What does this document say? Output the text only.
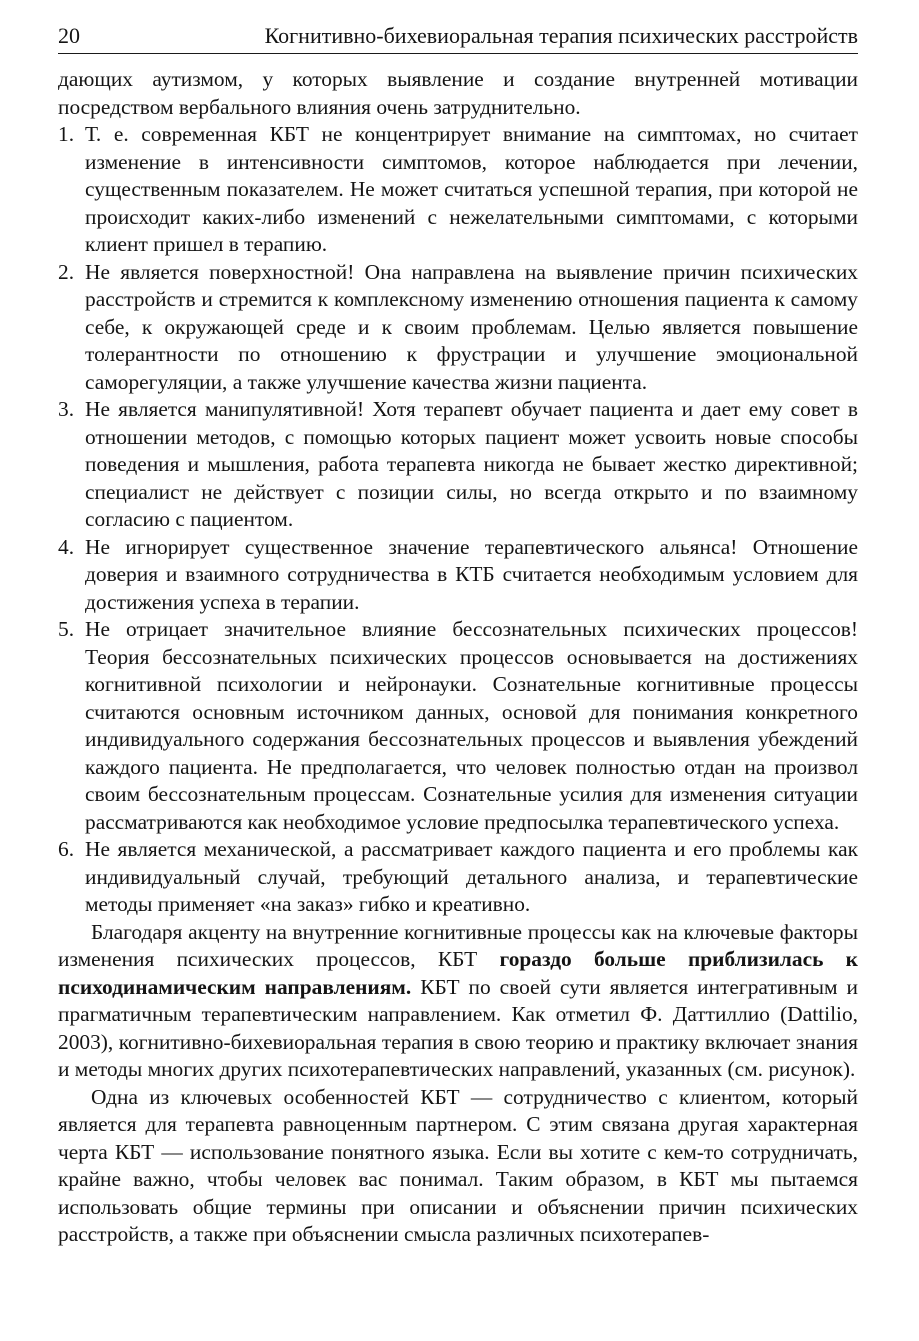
20	Когнитивно-бихевиоральная терапия психических расстройств

дающих аутизмом, у которых выявление и создание внутренней мотивации посредством вербального влияния очень затруднительно.

1. Т. е. современная КБТ не концентрирует внимание на симптомах, но считает изменение в интенсивности симптомов, которое наблюдается при лечении, существенным показателем. Не может считаться успешной терапия, при которой не происходит каких-либо изменений с нежелательными симптомами, с которыми клиент пришел в терапию.
2. Не является поверхностной! Она направлена на выявление причин психических расстройств и стремится к комплексному изменению отношения пациента к самому себе, к окружающей среде и к своим проблемам. Целью является повышение толерантности по отношению к фрустрации и улучшение эмоциональной саморегуляции, а также улучшение качества жизни пациента.
3. Не является манипулятивной! Хотя терапевт обучает пациента и дает ему совет в отношении методов, с помощью которых пациент может усвоить новые способы поведения и мышления, работа терапевта никогда не бывает жестко директивной; специалист не действует с позиции силы, но всегда открыто и по взаимному согласию с пациентом.
4. Не игнорирует существенное значение терапевтического альянса! Отношение доверия и взаимного сотрудничества в КТБ считается необходимым условием для достижения успеха в терапии.
5. Не отрицает значительное влияние бессознательных психических процессов! Теория бессознательных психических процессов основывается на достижениях когнитивной психологии и нейронауки. Сознательные когнитивные процессы считаются основным источником данных, основой для понимания конкретного индивидуального содержания бессознательных процессов и выявления убеждений каждого пациента. Не предполагается, что человек полностью отдан на произвол своим бессознательным процессам. Сознательные усилия для изменения ситуации рассматриваются как необходимое условие предпосылка терапевтического успеха.
6. Не является механической, а рассматривает каждого пациента и его проблемы как индивидуальный случай, требующий детального анализа, и терапевтические методы применяет «на заказ» гибко и креативно.

Благодаря акценту на внутренние когнитивные процессы как на ключевые факторы изменения психических процессов, КБТ гораздо больше приблизилась к психодинамическим направлениям. КБТ по своей сути является интегративным и прагматичным терапевтическим направлением. Как отметил Ф. Даттиллио (Dattilio, 2003), когнитивно-бихевиоральная терапия в свою теорию и практику включает знания и методы многих других психотерапевтических направлений, указанных (см. рисунок).

Одна из ключевых особенностей КБТ — сотрудничество с клиентом, который является для терапевта равноценным партнером. С этим связана другая характерная черта КБТ — использование понятного языка. Если вы хотите с кем-то сотрудничать, крайне важно, чтобы человек вас понимал. Таким образом, в КБТ мы пытаемся использовать общие термины при описании и объяснении причин психических расстройств, а также при объяснении смысла различных психотерапев-
